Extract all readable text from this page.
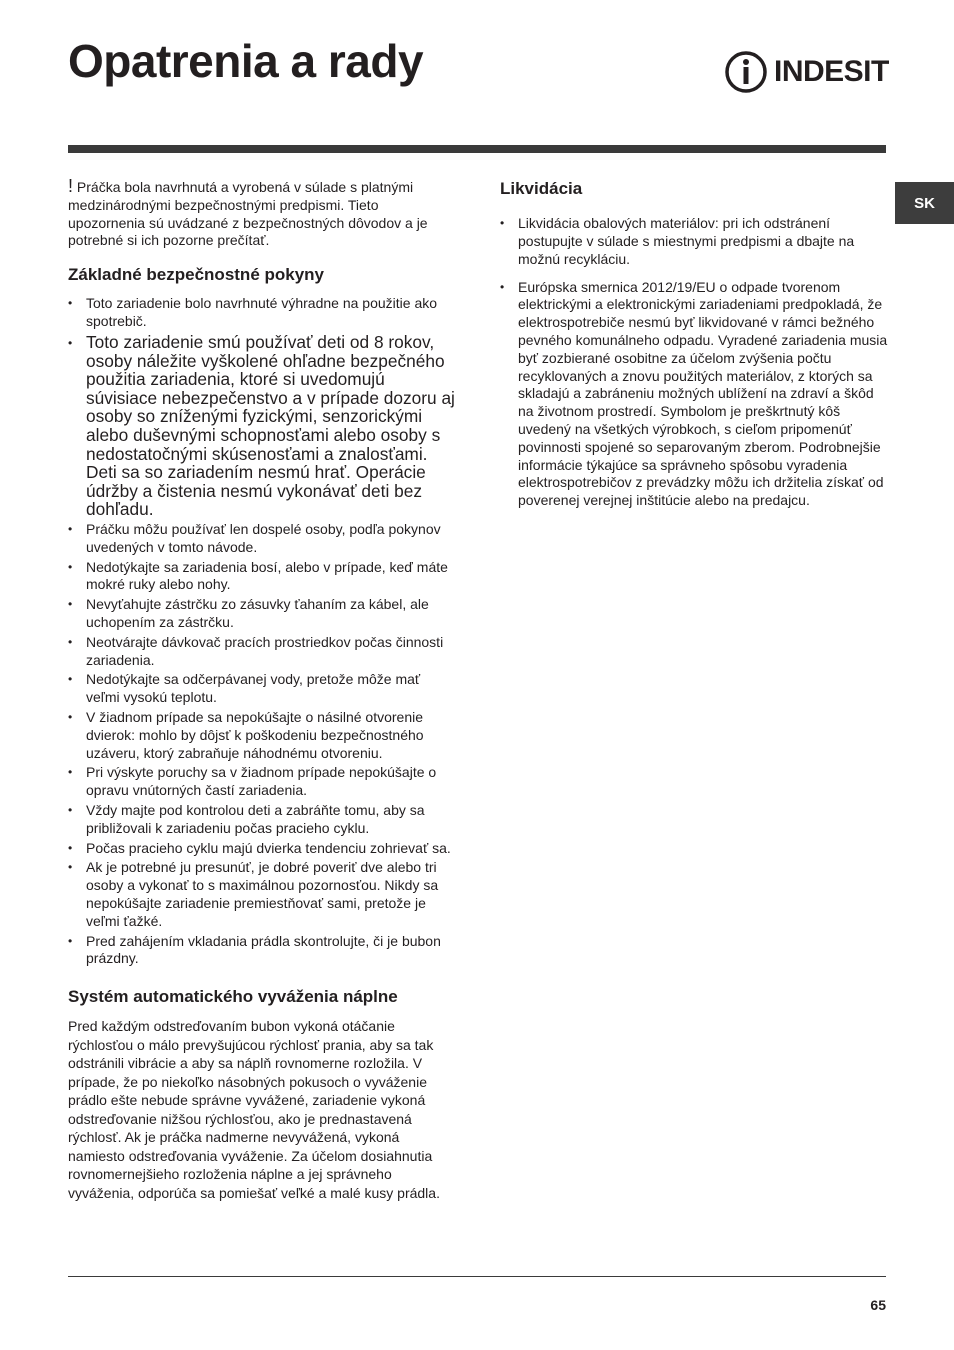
Opatrenia a rady	INDESIT
SK

! Práčka bola navrhnutá a vyrobená v súlade s platnými medzinárodnými bezpečnostnými predpismi. Tieto upozornenia sú uvádzané z bezpečnostných dôvodov a je potrebné si ich pozorne prečítať.

Základné bezpečnostné pokyny
• Toto zariadenie bolo navrhnuté výhradne na použitie ako spotrebič.
• Toto zariadenie smú používať deti od 8 rokov, osoby náležite vyškolené ohľadne bezpečného použitia zariadenia, ktoré si uvedomujú súvisiace nebezpečenstvo a v prípade dozoru aj osoby so zníženými fyzickými, senzorickými alebo duševnými schopnosťami alebo osoby s nedostatočnými skúsenosťami a znalosťami. Deti sa so zariadením nesmú hrať. Operácie údržby a čistenia nesmú vykonávať deti bez dohľadu.
• Práčku môžu používať len dospelé osoby, podľa pokynov uvedených v tomto návode.
• Nedotýkajte sa zariadenia bosí, alebo v prípade, keď máte mokré ruky alebo nohy.
• Nevyťahujte zástrčku zo zásuvky ťahaním za kábel, ale uchopením za zástrčku.
• Neotvárajte dávkovač pracích prostriedkov počas činnosti zariadenia.
• Nedotýkajte sa odčerpávanej vody, pretože môže mať veľmi vysokú teplotu.
• V žiadnom prípade sa nepokúšajte o násilné otvorenie dvierok: mohlo by dôjsť k poškodeniu bezpečnostného uzáveru, ktorý zabraňuje náhodnému otvoreniu.
• Pri výskyte poruchy sa v žiadnom prípade nepokúšajte o opravu vnútorných častí zariadenia.
• Vždy majte pod kontrolou deti a zabráňte tomu, aby sa približovali k zariadeniu počas pracieho cyklu.
• Počas pracieho cyklu majú dvierka tendenciu zohrievať sa.
• Ak je potrebné ju presunúť, je dobré poveriť dve alebo tri osoby a vykonať to s maximálnou pozornosťou. Nikdy sa nepokúšajte zariadenie premiestňovať sami, pretože je veľmi ťažké.
• Pred zahájením vkladania prádla skontrolujte, či je bubon prázdny.
Systém automatického vyváženia náplne

Pred každým odstreďovaním bubon vykoná otáčanie rýchlosťou o málo prevyšujúcou rýchlosť prania, aby sa tak odstránili vibrácie a aby sa náplň rovnomerne rozložila. V prípade, že po niekoľko násobných pokusoch o vyváženie prádlo ešte nebude správne vyvážené, zariadenie vykoná odstreďovanie nižšou rýchlosťou, ako je prednastavená rýchlosť. Ak je práčka nadmerne nevyvážená, vykoná namiesto odstreďovania vyváženie. Za účelom dosiahnutia rovnomernejšieho rozloženia náplne a jej správneho vyváženia, odporúča sa pomiešať veľké a malé kusy prádla.

Likvidácia
• Likvidácia obalových materiálov: pri ich odstránení postupujte v súlade s miestnymi predpismi a dbajte na možnú recykláciu.
• Európska smernica 2012/19/EU o odpade tvorenom elektrickými a elektronickými zariadeniami predpokladá, že elektrospotrebiče nesmú byť likvidované v rámci bežného pevného komunálneho odpadu. Vyradené zariadenia musia byť zozbierané osobitne za účelom zvýšenia počtu recyklovaných a znovu použitých materiálov, z ktorých sa skladajú a zabráneniu možných ublížení na zdraví a škôd na životnom prostredí. Symbolom je preškrtnutý kôš uvedený na všetkých výrobkoch, s cieľom pripomenúť povinnosti spojené so separovaným zberom. Podrobnejšie informácie týkajúce sa správneho spôsobu vyradenia elektrospotrebičov z prevádzky môžu ich držitelia získať od poverenej verejnej inštitúcie alebo na predajcu.
65
